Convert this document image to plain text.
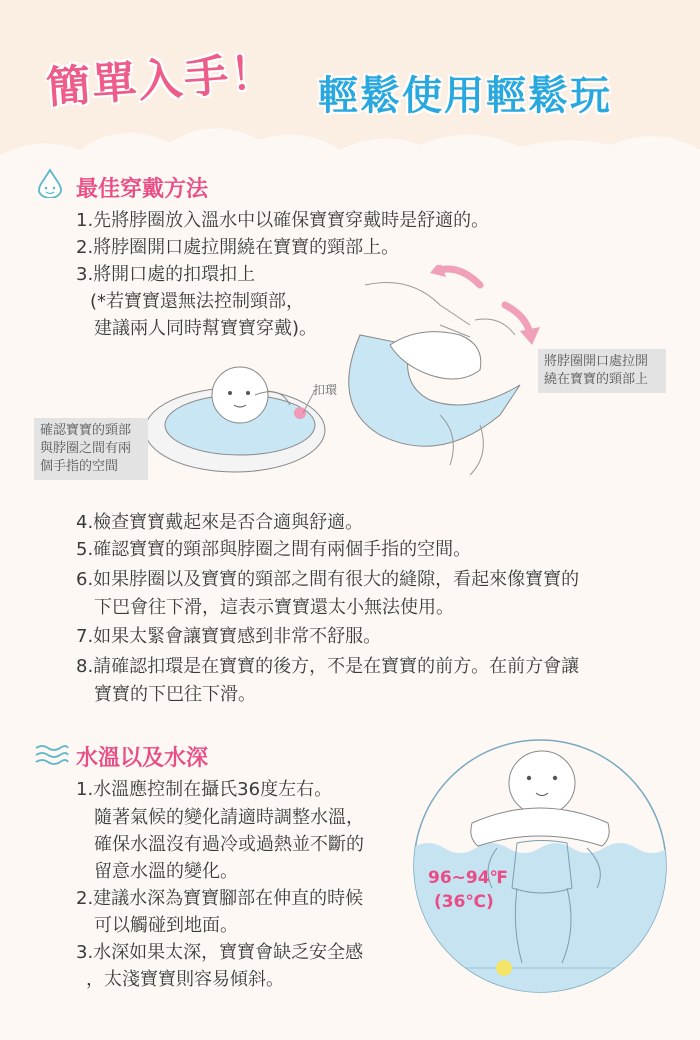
簡單入手！ 輕鬆使用輕鬆玩
最佳穿戴方法
1.先將脖圈放入溫水中以確保寶寶穿戴時是舒適的。
2.將脖圈開口處拉開繞在寶寶的頸部上。
3.將開口處的扣環扣上
(*若寶寶還無法控制頸部，
建議兩人同時幫寶寶穿戴)。
扣環
將脖圈開口處拉開繞在寶寶的頸部上
確認寶寶的頸部與脖圈之間有兩個手指的空間
4.檢查寶寶戴起來是否合適與舒適。
5.確認寶寶的頸部與脖圈之間有兩個手指的空間。
6.如果脖圈以及寶寶的頸部之間有很大的縫隙，看起來像寶寶的
下巴會往下滑，這表示寶寶還太小無法使用。
7.如果太緊會讓寶寶感到非常不舒服。
8.請確認扣環是在寶寶的後方，不是在寶寶的前方。在前方會讓
寶寶的下巴往下滑。
水溫以及水深
1.水溫應控制在攝氏36度左右。
隨著氣候的變化請適時調整水溫，
確保水溫沒有過冷或過熱並不斷的
留意水溫的變化。
2.建議水深為寶寶腳部在伸直的時候
可以觸碰到地面。
3.水深如果太深，寶寶會缺乏安全感
，太淺寶寶則容易傾斜。
96~94℉
(36℃)
